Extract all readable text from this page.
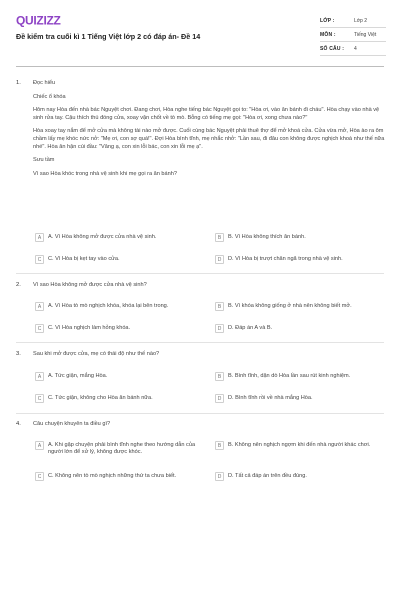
QUIZIZZ
Đề kiểm tra cuối kì 1 Tiếng Việt lớp 2 có đáp án- Đề 14
LỚP :	Lớp 2
MÔN :	Tiếng Việt
SỐ CÂU :	4
1. Đọc hiểu
Chiếc ổ khóa
Hôm nay Hòa đến nhà bác Nguyệt chơi. Đang chơi, Hòa nghe tiếng bác Nguyệt gọi to: "Hòa ơi, vào ăn bánh đi cháu". Hòa chạy vào nhà vệ sinh rửa tay. Cậu thích thú đóng cửa, xoay vặn chốt về tò mò. Bỗng có tiếng mẹ gọi: "Hòa ơi, xong chưa nào?"
Hòa xoay tay nắm để mở cửa mà không tài nào mở được. Cuối cùng bác Nguyệt phải thuê thợ để mở khoá cửa. Cửa vừa mở, Hòa ào ra ôm chầm lấy mẹ khóc nức nở: "Mẹ ơi, con sợ quá!". Đợi Hòa bình tĩnh, mẹ nhắc nhở: "Lần sau, đi đâu con không được nghịch khoá như thế nữa nhé". Hòa ân hận cúi đầu: "Vâng ạ, con xin lỗi bác, con xin lỗi mẹ ạ".
Sưu tầm
Vì sao Hòa khóc trong nhà vệ sinh khi mẹ gọi ra ăn bánh?
A	A. Vì Hòa không mở được cửa nhà vệ sinh.	B	B. Vì Hòa không thích ăn bánh.
C	C. Vì Hòa bị kẹt tay vào cửa.	D	D. Vì Hòa bị trượt chân ngã trong nhà vệ sinh.
2. Vì sao Hòa không mở được cửa nhà vệ sinh?
A	A. Vì Hòa tò mò nghịch khóa, khóa lại bên trong.	B	B. Vì khóa không giống ở nhà nên không biết mở.
C	C. Vì Hòa nghịch làm hỏng khóa.	D	D. Đáp án A và B.
3. Sau khi mở được cửa, mẹ có thái độ như thế nào?
A	A. Tức giận, mắng Hòa.	B	B. Bình tĩnh, dặn dò Hòa lần sau rút kinh nghiệm.
C	C. Tức giận, không cho Hòa ăn bánh nữa.	D	D. Bình tĩnh rồi về nhà mắng Hòa.
4. Câu chuyện khuyên ta điều gì?
A	A. Khi gặp chuyện phải bình tĩnh nghe theo hướng dẫn của người lớn để xử lý, không được khóc.
B	B. Không nên nghịch ngợm khi đến nhà người khác chơi.
C	C. Không nên tò mò nghịch những thứ ta chưa biết.	D	D. Tất cả đáp án trên đều đúng.
